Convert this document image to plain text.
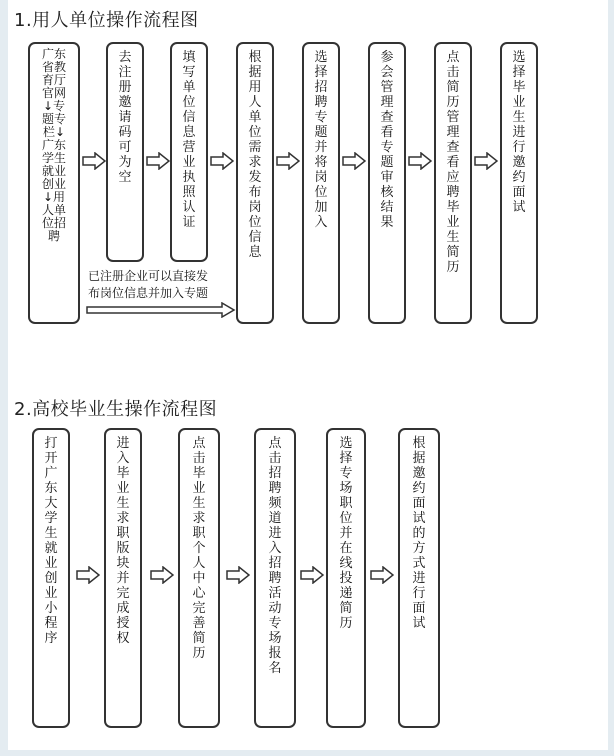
1.用人单位操作流程图
广东省教育厅官网↓专题专栏↓广东学生就业创业↓用人单位招聘
去注册邀请码可为空
填写单位信息营业执照认证
根据用人单位需求发布岗位信息
选择招聘专题并将岗位加入
参会管理查看专题审核结果
点击简历管理查看应聘毕业生简历
选择毕业生进行邀约面试
已注册企业可以直接发
布岗位信息并加入专题
2.高校毕业生操作流程图
打开广东大学生就业创业小程序
进入毕业生求职版块并完成授权
点击毕业生求职个人中心完善简历
点击招聘频道进入招聘活动专场报名
选择专场职位并在线投递简历
根据邀约面试的方式进行面试
